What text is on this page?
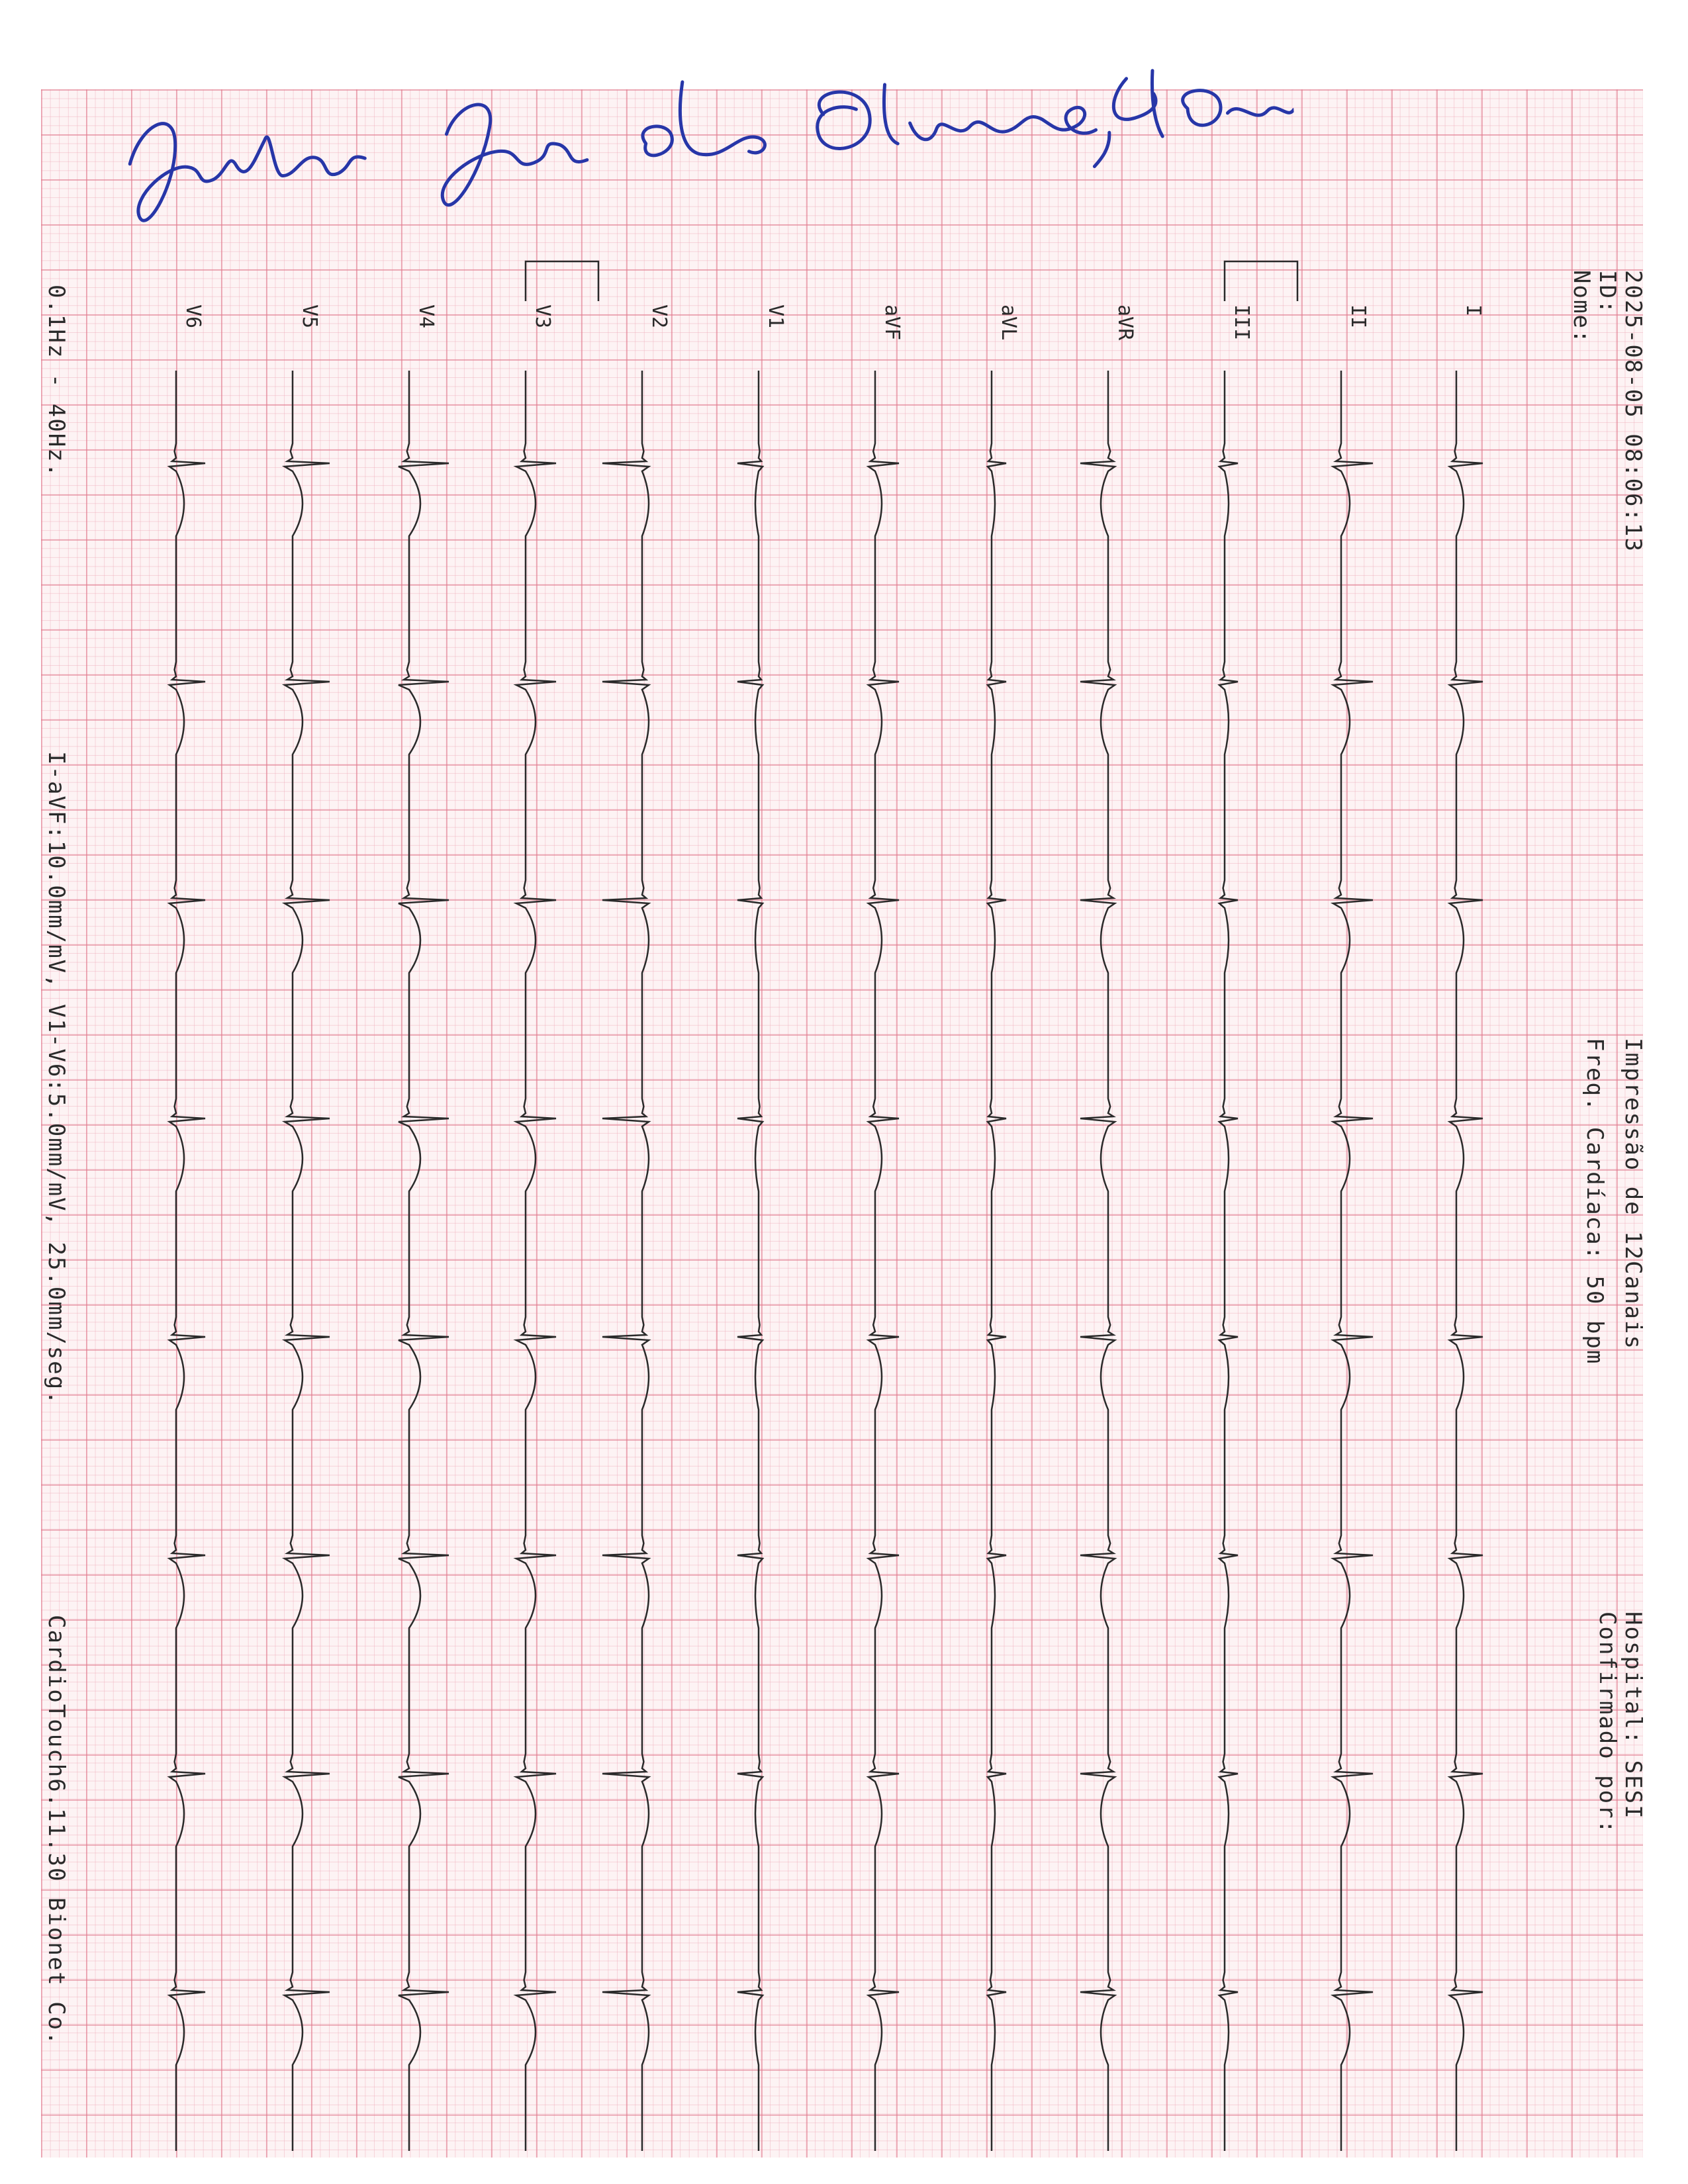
2025-08-05 08:06:13
ID:
Nome:
Impressão de 12Canais
Freq. Cardíaca: 50 bpm
Hospital: SESI
Confirmado por:
0.1Hz - 40Hz.
I-aVF:10.0mm/mV, V1-V6:5.0mm/mV, 25.0mm/seg.
CardioTouch6.11.30 Bionet Co.
I
II
III
aVR
aVL
aVF
V1
V2
V3
V4
V5
V6
